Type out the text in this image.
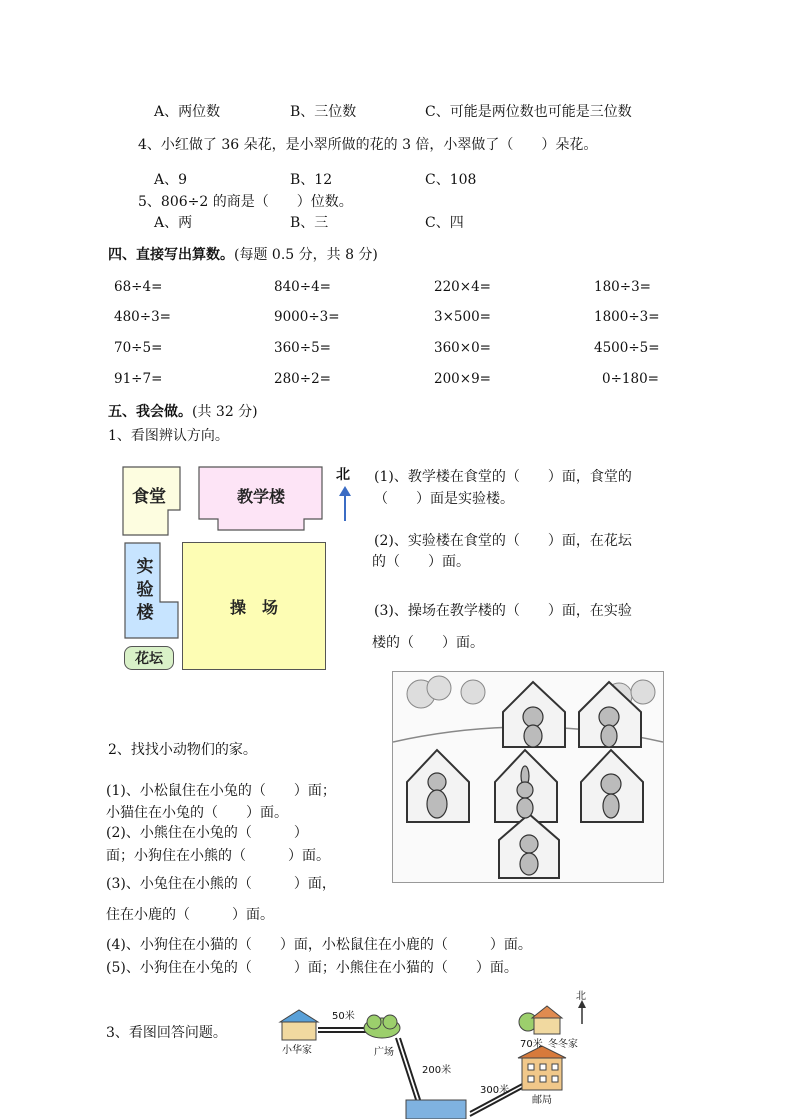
A、两位数	B、三位数	C、可能是两位数也可能是三位数
4、小红做了 36 朵花，是小翠所做的花的 3 倍，小翠做了（　　）朵花。
A、9	B、12	C、108
5、806÷2 的商是（　　）位数。
A、两	B、三	C、四
四、直接写出算数。(每题 0.5 分，共 8 分)
68÷4=	840÷4=	220×4=	180÷3=
480÷3=	9000÷3=	3×500=	1800÷3=
70÷5=	360÷5=	360×0=	4500÷5=
91÷7=	280÷2=	200×9=	0÷180=
五、我会做。(共 32 分)
1、看图辨认方向。
食堂	教学楼
实验楼	操　场
花坛
北 (1)、教学楼在食堂的（　　）面，食堂的
（　　）面是实验楼。
(2)、实验楼在食堂的（　　）面，在花坛
的（　　）面。
(3)、操场在教学楼的（　　）面，在实验
楼的（　　）面。
2、找找小动物们的家。
(1)、小松鼠住在小兔的（　　）面；
小猫住在小兔的（　　）面。
(2)、小熊住在小兔的（　　　）
面；小狗住在小熊的（　　　）面。
(3)、小兔住在小熊的（　　　）面，
住在小鹿的（　　　）面。
(4)、小狗住在小猫的（　　）面，小松鼠住在小鹿的（　　　）面。
(5)、小狗住在小兔的（　　　）面；小熊住在小猫的（　　）面。
3、看图回答问题。
50米
小华家	广场
200米
300米
70米 冬冬家
邮局
北
